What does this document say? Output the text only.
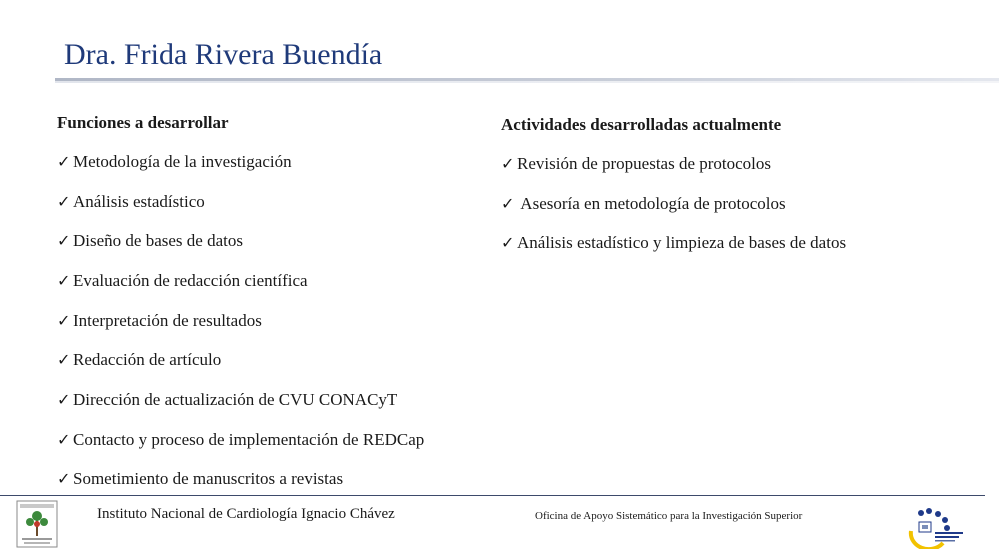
Dra. Frida Rivera Buendía
Funciones a desarrollar
✓ Metodología de la investigación
✓ Análisis estadístico
✓ Diseño de bases de datos
✓ Evaluación de redacción científica
✓ Interpretación de resultados
✓ Redacción de artículo
✓ Dirección de actualización de CVU CONACyT
✓ Contacto y proceso de implementación de REDCap
✓ Sometimiento de manuscritos a revistas
Actividades desarrolladas actualmente
✓ Revisión de propuestas de protocolos
✓ Asesoría en metodología de protocolos
✓ Análisis estadístico y limpieza de bases de datos
Instituto Nacional de Cardiología Ignacio Chávez	Oficina de Apoyo Sistemático para la Investigación Superior
